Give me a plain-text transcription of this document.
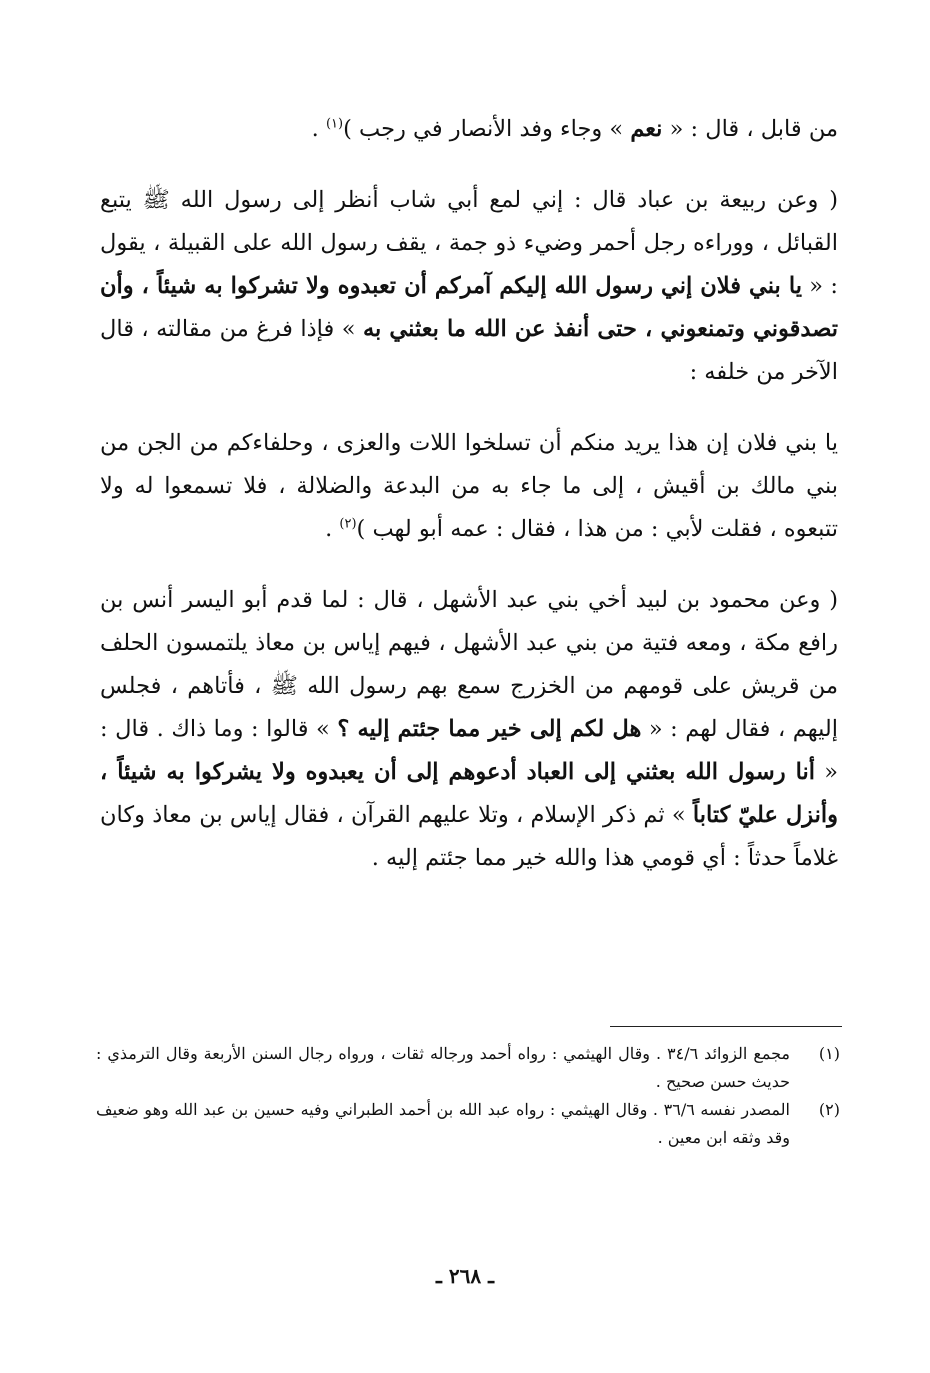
من قابل ، قال : « نعم » وجاء وفد الأنصار في رجب )$^{(١)}$ .

( وعن ربيعة بن عباد قال : إني لمع أبي شاب أنظر إلى رسول الله ﷺ يتبع القبائل ، ووراءه رجل أحمر وضيء ذو جمة ، يقف رسول الله على القبيلة ، يقول : « يا بني فلان إني رسول الله إليكم آمركم أن تعبدوه ولا تشركوا به شيئاً ، وأن تصدقوني وتمنعوني ، حتى أنفذ عن الله ما بعثني به » فإذا فرغ من مقالته ، قال الآخر من خلفه :

يا بني فلان إن هذا يريد منكم أن تسلخوا اللات والعزى ، وحلفاءكم من الجن من بني مالك بن أقيش ، إلى ما جاء به من البدعة والضلالة ، فلا تسمعوا له ولا تتبعوه ، فقلت لأبي : من هذا ، فقال : عمه أبو لهب )$^{(٢)}$ .

( وعن محمود بن لبيد أخي بني عبد الأشهل ، قال : لما قدم أبو اليسر أنس بن رافع مكة ، ومعه فتية من بني عبد الأشهل ، فيهم إياس بن معاذ يلتمسون الحلف من قريش على قومهم من الخزرج سمع بهم رسول الله ﷺ ، فأتاهم ، فجلس إليهم ، فقال لهم : « هل لكم إلى خير مما جئتم إليه ؟ » قالوا : وما ذاك . قال : « أنا رسول الله بعثني إلى العباد أدعوهم إلى أن يعبدوه ولا يشركوا به شيئاً ، وأنزل عليّ كتاباً » ثم ذكر الإسلام ، وتلا عليهم القرآن ، فقال إياس بن معاذ وكان غلاماً حدثاً : أي قومي هذا والله خير مما جئتم إليه .

(١)
مجمع الزوائد ٣٤/٦ . وقال الهيثمي : رواه أحمد ورجاله ثقات ، ورواه رجال السنن الأربعة وقال الترمذي : حديث حسن صحيح .
(٢)
المصدر نفسه ٣٦/٦ . وقال الهيثمي : رواه عبد الله بن أحمد الطبراني وفيه حسين بن عبد الله وهو ضعيف وقد وثقه ابن معين .
ـ ٢٦٨ ـ
